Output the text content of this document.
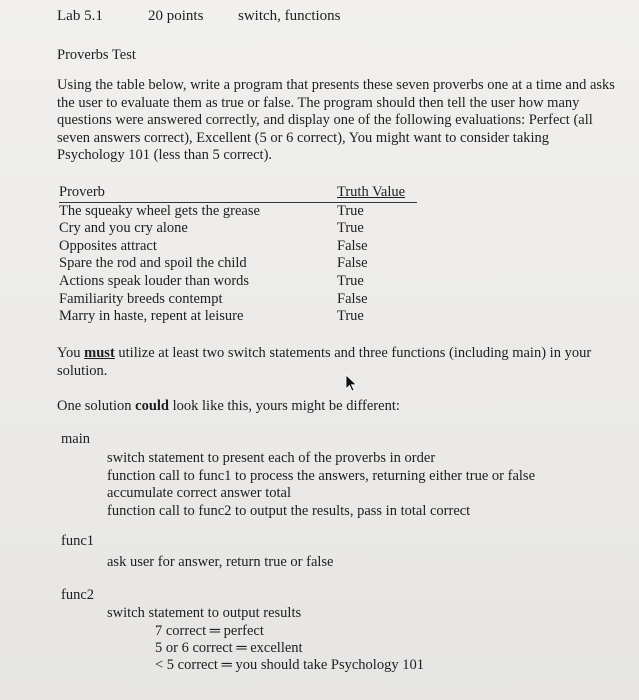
Lab 5.1	20 points switch, functions
Proverbs Test

Using the table below, write a program that presents these seven proverbs one at a time and asks the user to evaluate them as true or false. The program should then tell the user how many questions were answered correctly, and display one of the following evaluations: Perfect (all seven answers correct), Excellent (5 or 6 correct), You might want to consider taking Psychology 101 (less than 5 correct).

Proverb		Truth Value
The squeaky wheel gets the grease		True
Cry and you cry alone		True
Opposites attract		False
Spare the rod and spoil the child		False
Actions speak louder than words		True
Familiarity breeds contempt		False
Marry in haste, repent at leisure		True
You must utilize at least two switch statements and three functions (including main) in your solution.
One solution could look like this, yours might be different:
main
switch statement to present each of the proverbs in order
function call to func1 to process the answers, returning either true or false
accumulate correct answer total
function call to func2 to output the results, pass in total correct
func1
ask user for answer, return true or false
func2
switch statement to output results
7 correct ═ perfect
5 or 6 correct ═ excellent
< 5 correct ═ you should take Psychology 101
